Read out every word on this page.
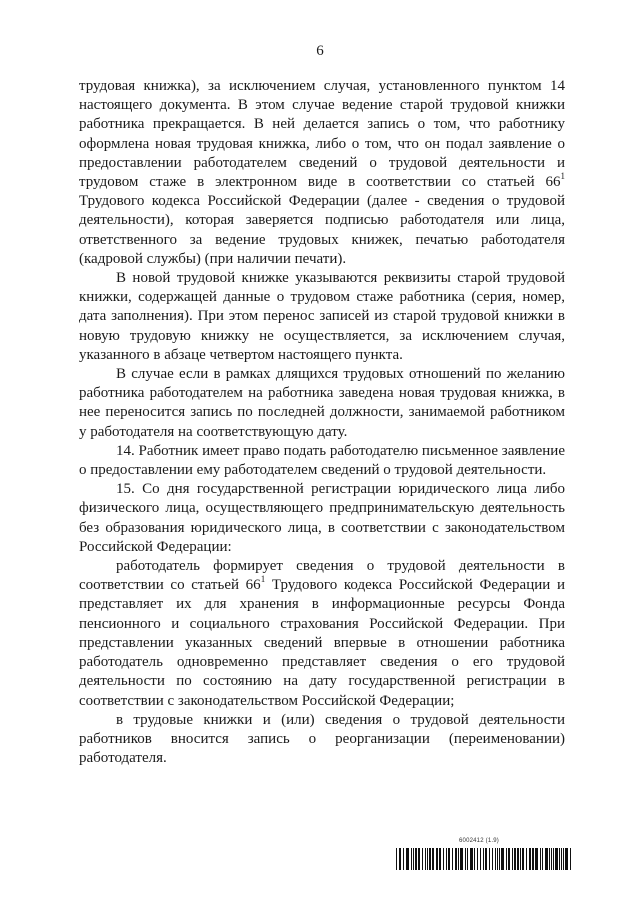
6

трудовая книжка), за исключением случая, установленного пунктом 14 настоящего документа. В этом случае ведение старой трудовой книжки работника прекращается. В ней делается запись о том, что работнику оформлена новая трудовая книжка, либо о том, что он подал заявление о предоставлении работодателем сведений о трудовой деятельности и трудовом стаже в электронном виде в соответствии со статьей $66^1$ Трудового кодекса Российской Федерации (далее - сведения о трудовой деятельности), которая заверяется подписью работодателя или лица, ответственного за ведение трудовых книжек, печатью работодателя (кадровой службы) (при наличии печати).

В новой трудовой книжке указываются реквизиты старой трудовой книжки, содержащей данные о трудовом стаже работника (серия, номер, дата заполнения). При этом перенос записей из старой трудовой книжки в новую трудовую книжку не осуществляется, за исключением случая, указанного в абзаце четвертом настоящего пункта.

В случае если в рамках длящихся трудовых отношений по желанию работника работодателем на работника заведена новая трудовая книжка, в нее переносится запись по последней должности, занимаемой работником у работодателя на соответствующую дату.

14. Работник имеет право подать работодателю письменное заявление о предоставлении ему работодателем сведений о трудовой деятельности.

15. Со дня государственной регистрации юридического лица либо физического лица, осуществляющего предпринимательскую деятельность без образования юридического лица, в соответствии с законодательством Российской Федерации:

работодатель формирует сведения о трудовой деятельности в соответствии со статьей $66^1$ Трудового кодекса Российской Федерации и представляет их для хранения в информационные ресурсы Фонда пенсионного и социального страхования Российской Федерации. При представлении указанных сведений впервые в отношении работника работодатель одновременно представляет сведения о его трудовой деятельности по состоянию на дату государственной регистрации в соответствии с законодательством Российской Федерации;

в трудовые книжки и (или) сведения о трудовой деятельности работников вносится запись о реорганизации (переименовании) работодателя.

6002412 (1.9)
